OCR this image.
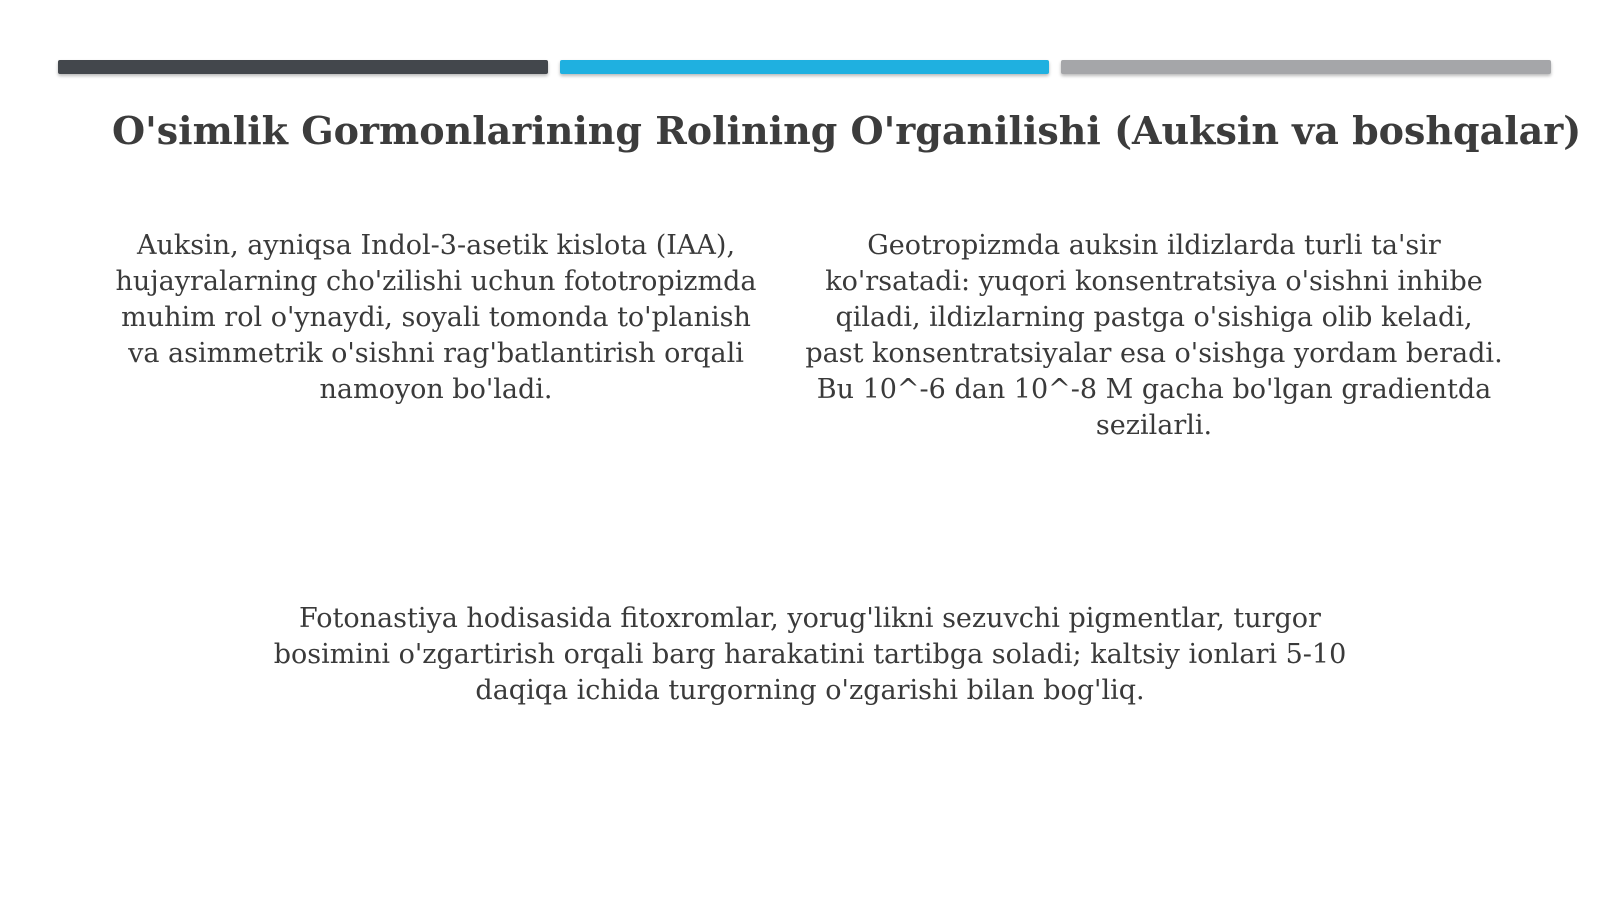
O'simlik Gormonlarining Rolining O'rganilishi (Auksin va boshqalar)

Auksin, ayniqsa Indol-3-asetik kislota (IAA), hujayralarning cho'zilishi uchun fototropizmda muhim rol o'ynaydi, soyali tomonda to'planish va asimmetrik o'sishni rag'batlantirish orqali namoyon bo'ladi.

Geotropizmda auksin ildizlarda turli ta'sir ko'rsatadi: yuqori konsentratsiya o'sishni inhibe qiladi, ildizlarning pastga o'sishiga olib keladi, past konsentratsiyalar esa o'sishga yordam beradi. Bu 10^-6 dan 10^-8 M gacha bo'lgan gradientda sezilarli.

Fotonastiya hodisasida fitoxromlar, yorug'likni sezuvchi pigmentlar, turgor bosimini o'zgartirish orqali barg harakatini tartibga soladi; kaltsiy ionlari 5-10 daqiqa ichida turgorning o'zgarishi bilan bog'liq.
